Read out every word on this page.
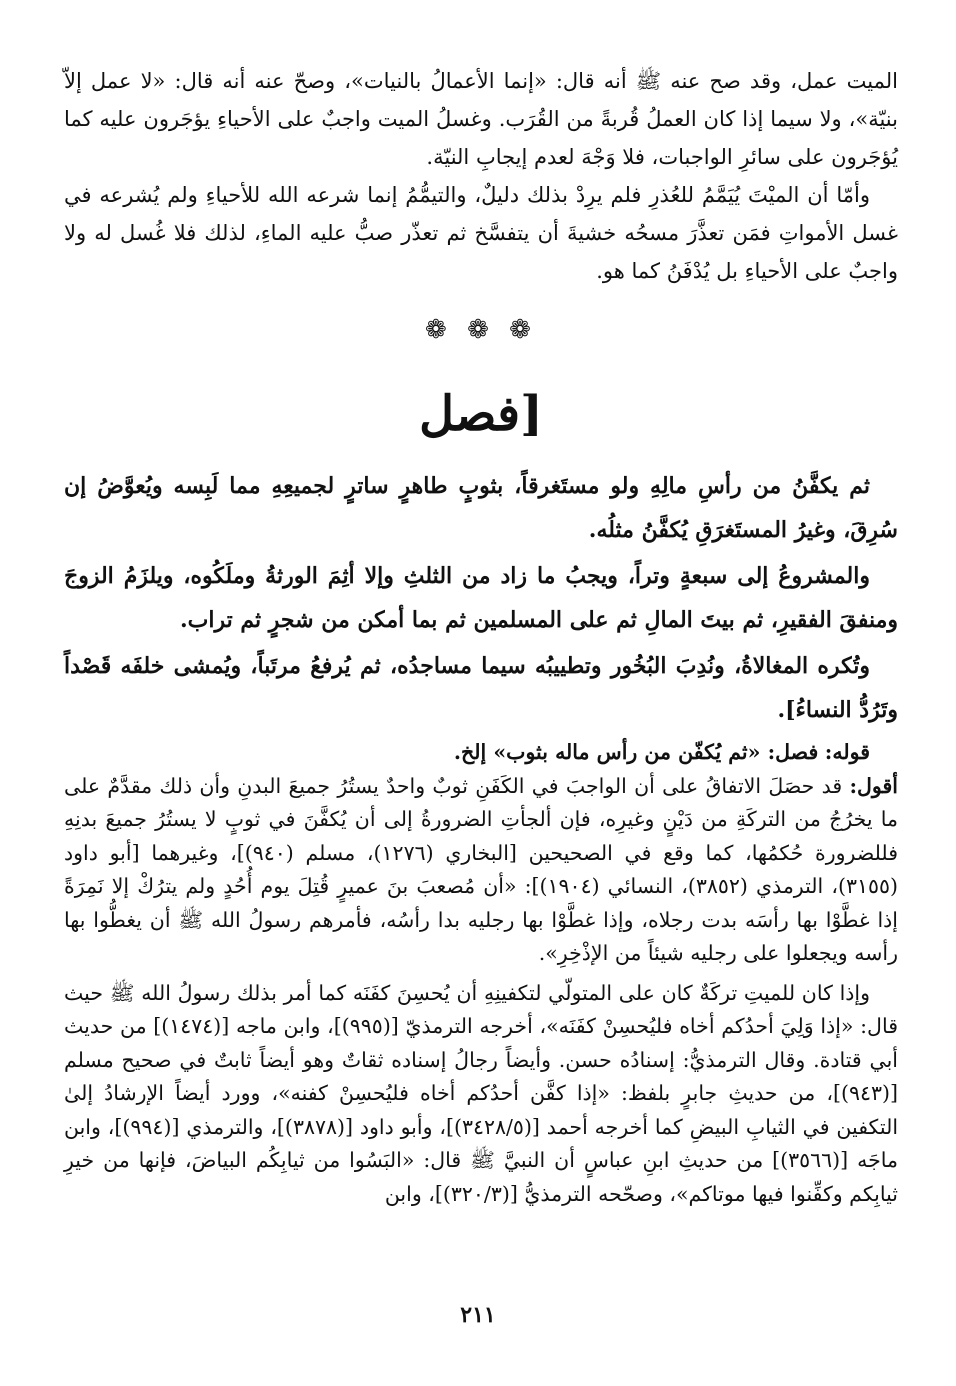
الميت عمل، وقد صح عنه ﷺ أنه قال: «إنما الأعمالُ بالنيات»، وصحّ عنه أنه قال: «لا عمل إلاّ بنيّة»، ولا سيما إذا كان العملُ قُربةً من القُرَب. وغسلُ الميت واجبٌ على الأحياءِ يؤجَرون عليه كما يُؤجَرون على سائرِ الواجبات، فلا وَجْهَ لعدم إيجابِ النيّة.

وأمّا أن الميْتَ يُيَمَّمُ للعُذرِ فلم يرِدْ بذلك دليلٌ، والتيمُّمُ إنما شرعه الله للأحياءِ ولم يُشرعه في غسل الأمواتِ فمَن تعذَّرَ مسحُه خشيةَ أن يتفسَّخ ثم تعذّر صبُّ عليه الماءِ، لذلك فلا غُسل له ولا واجبٌ على الأحياءِ بل يُدْفَنُ كما هو.

❁ ❁ ❁
[فصل

ثم يكفَّنُ من رأسِ مالِهِ ولو مستَغرقاً، بثوبٍ طاهرٍ ساترٍ لجميعِهِ مما لَبِسه ويُعوَّضُ إن سُرِقَ، وغيرُ المستَغرَقِ يُكفَّنُ مثلُه.

والمشروعُ إلى سبعةٍ وتراً، ويجبُ ما زاد من الثلثِ وإلا أثِمَ الورثةُ وملَكُوه، ويلزَمُ الزوجَ ومنفقَ الفقيرِ، ثم بيتَ المالِ ثم على المسلمين ثم بما أمكن من شجرٍ ثم تراب.

وتُكره المغالاةُ، ونُدِبَ البُخُور وتطييبُه سيما مساجدُه، ثم يُرفعُ مرتَباً، ويُمشى خلفَه قَصْداً وتَرُدُّ النساءُ].

قوله: فصل: «ثم يُكفّن من رأس ماله بثوب» إلخ.

أقول: قد حصَلَ الاتفاقُ على أن الواجبَ في الكَفَنِ ثوبٌ واحدٌ يستُرُ جميعَ البدنِ وأن ذلك مقدَّمٌ على ما يخرُجُ من التركَةِ من دَيْنٍ وغيرِه، فإن ألجأتِ الضرورةُ إلى أن يُكفَّنَ في ثوبٍ لا يستُرُ جميعَ بدنِهِ فللضرورة حُكمُها، كما وقع في الصحيحين [البخاري (١٢٧٦)، مسلم (٩٤٠)]، وغيرهما [أبو داود (٣١٥٥)، الترمذي (٣٨٥٢)، النسائي (١٩٠٤)]: «أن مُصعبَ بنَ عميرٍ قُتِلَ يوم أُحُدٍ ولم يترُكْ إلا نَمِرَةً إذا غطَّوْا بها رأسَه بدت رجلاه، وإذا غطَّوْا بها رجليه بدا رأسُه، فأمرهم رسولُ الله ﷺ أن يغطُّوا بها رأسه ويجعلوا على رجليه شيئاً من الإذْخِرِ».

وإذا كان للميتِ تركَةٌ كان على المتولّي لتكفينِهِ أن يُحسِنَ كفَنَه كما أمر بذلك رسولُ الله ﷺ حيث قال: «إذا وَلِيَ أحدُكم أخاه فليُحسِنْ كفَنَه»، أخرجه الترمذيّ [(٩٩٥)]، وابن ماجه [(١٤٧٤)] من حديث أبي قتادة. وقال الترمذيُّ: إسنادُه حسن. وأيضاً رجالُ إسناده ثقاتٌ وهو أيضاً ثابتٌ في صحيح مسلم [(٩٤٣)]، من حديثِ جابرٍ بلفظ: «إذا كفَّن أحدُكم أخاه فليُحسِنْ كفنه»، وورد أيضاً الإرشادُ إلىٰ التكفين في الثيابِ البيضِ كما أخرجه أحمد [(٣٤٢٨/٥)]، وأبو داود [(٣٨٧٨)]، والترمذي [(٩٩٤)]، وابن ماجَه [(٣٥٦٦)] من حديثِ ابنِ عباسٍ أن النبيَّ ﷺ قال: «البَسُوا من ثيابِكُم البياضَ، فإنها من خيرِ ثيابِكم وكفِّنوا فيها موتاكم»، وصحّحه الترمذيُّ [(٣٢٠/٣)]، وابن

٢١١
